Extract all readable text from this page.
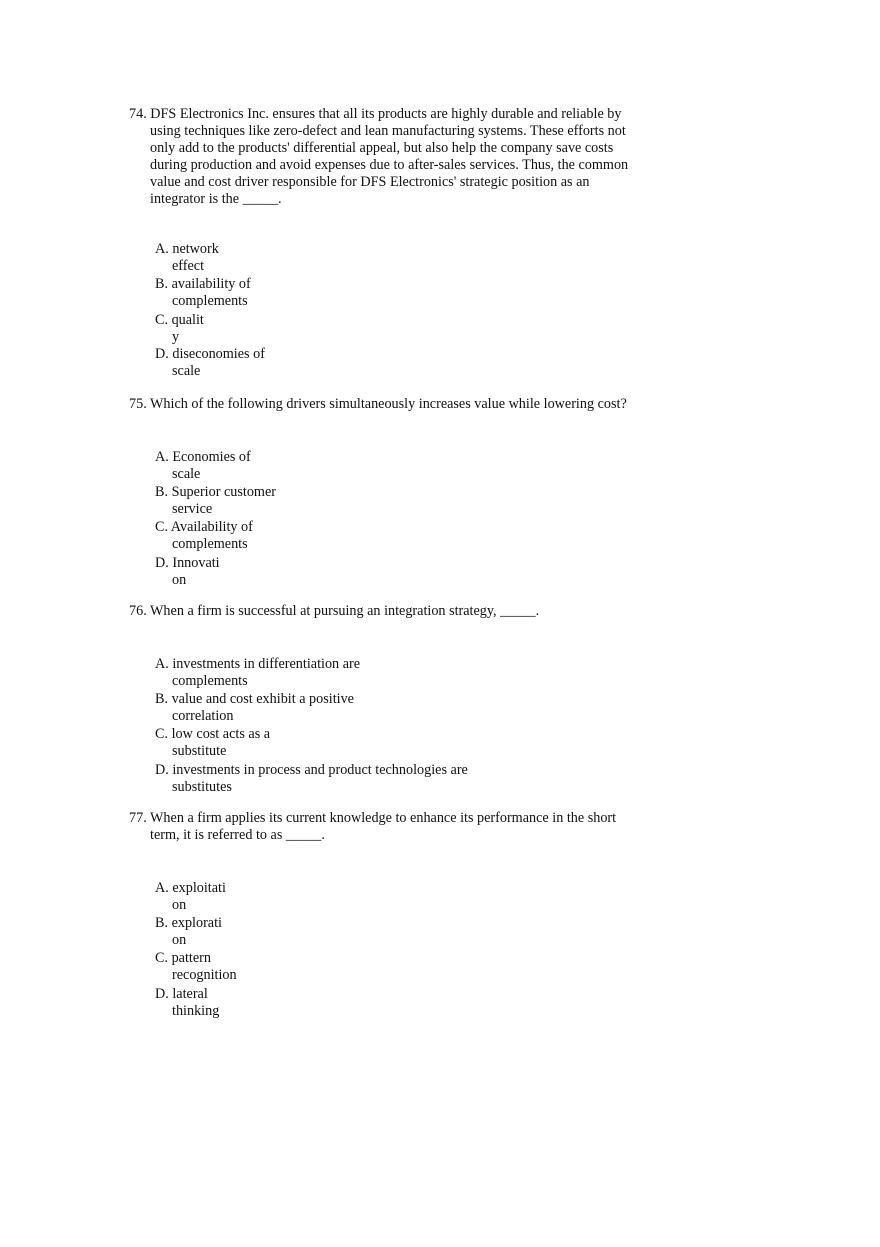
74. DFS Electronics Inc. ensures that all its products are highly durable and reliable by
using techniques like zero-defect and lean manufacturing systems. These efforts not
only add to the products' differential appeal, but also help the company save costs
during production and avoid expenses due to after-sales services. Thus, the common
value and cost driver responsible for DFS Electronics' strategic position as an
integrator is the _____.
A. network
effect
B. availability of
complements
C. qualit
y
D. diseconomies of
scale
75. Which of the following drivers simultaneously increases value while lowering cost?
A. Economies of
scale
B. Superior customer
service
C. Availability of
complements
D. Innovati
on
76. When a firm is successful at pursuing an integration strategy, _____.
A. investments in differentiation are
complements
B. value and cost exhibit a positive
correlation
C. low cost acts as a
substitute
D. investments in process and product technologies are
substitutes
77. When a firm applies its current knowledge to enhance its performance in the short
term, it is referred to as _____.
A. exploitati
on
B. explorati
on
C. pattern
recognition
D. lateral
thinking
